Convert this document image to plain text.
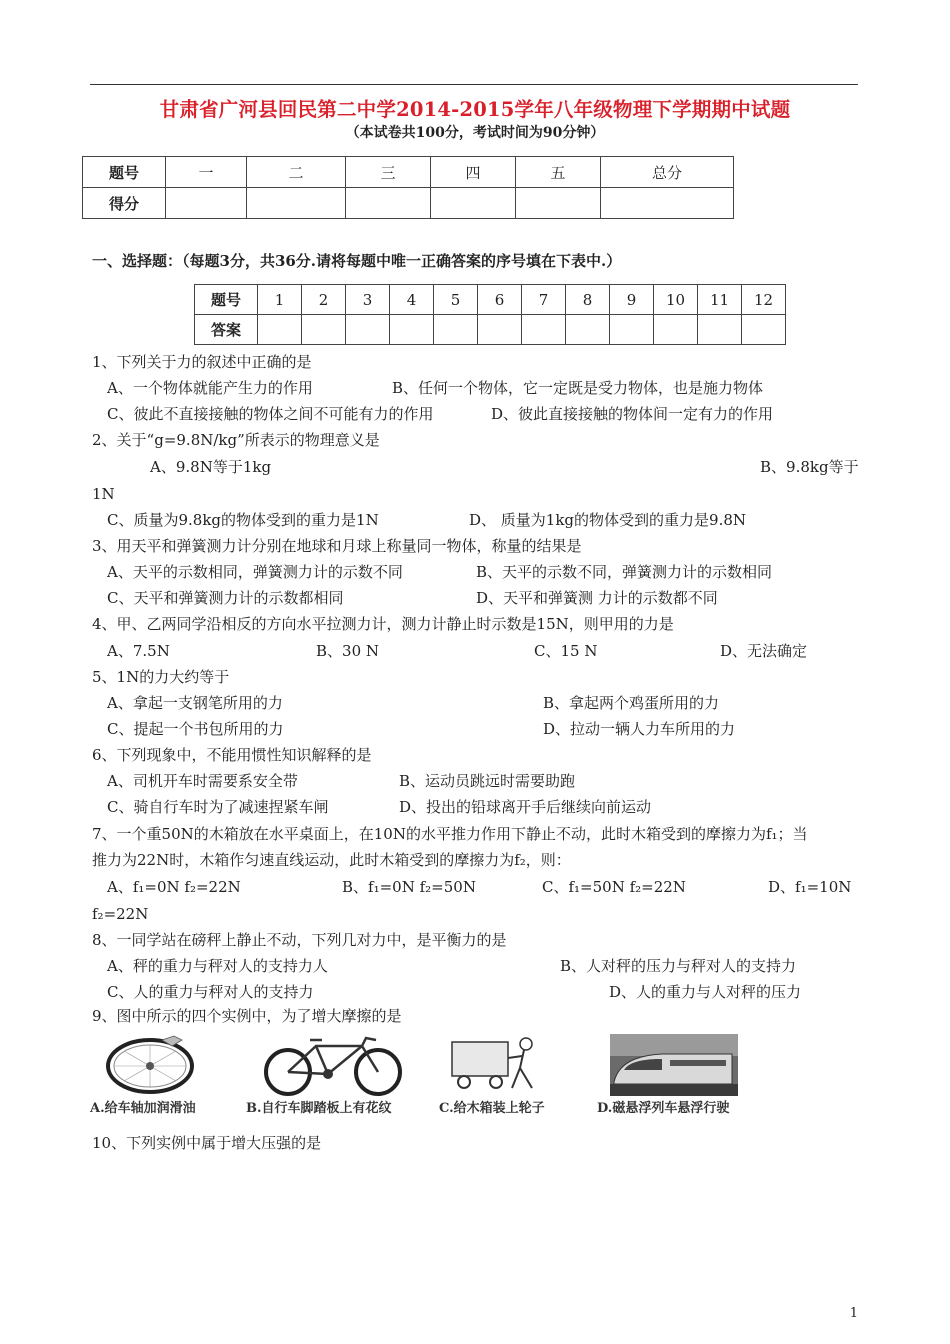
甘肃省广河县回民第二中学2014-2015学年八年级物理下学期期中试题
（本试卷共100分，考试时间为90分钟）
题号	一	二	三	四	五	总分
得分						
一、选择题：（每题3分，共36分.请将每题中唯一正确答案的序号填在下表中.）
题号	1	2	3	4	5	6	7	8	9	10	11	12
答案												
1、下列关于力的叙述中正确的是
A、一个物体就能产生力的作用	B、任何一个物体，它一定既是受力物体，也是施力物体
C、彼此不直接接触的物体之间不可能有力的作用	D、彼此直接接触的物体间一定有力的作用
2、关于“g=9.8N/kg”所表示的物理意义是
A、9.8N等于1kg	B、9.8kg等于
1N
C、质量为9.8kg的物体受到的重力是1N	D、 质量为1kg的物体受到的重力是9.8N
3、用天平和弹簧测力计分别在地球和月球上称量同一物体，称量的结果是
A、天平的示数相同，弹簧测力计的示数不同	B、天平的示数不同，弹簧测力计的示数相同
C、天平和弹簧测力计的示数都相同	D、天平和弹簧测 力计的示数都不同
4、甲、乙两同学沿相反的方向水平拉测力计，测力计静止时示数是15N，则甲用的力是
A、7.5N	B、30 N	C、15 N	D、无法确定
5、1N的力大约等于
A、拿起一支钢笔所用的力	B、拿起两个鸡蛋所用的力
C、提起一个书包所用的力	D、拉动一辆人力车所用的力
6、下列现象中，不能用惯性知识解释的是
A、司机开车时需要系安全带	B、运动员跳远时需要助跑
C、骑自行车时为了减速捏紧车闸	D、投出的铅球离开手后继续向前运动
7、一个重50N的木箱放在水平桌面上，在10N的水平推力作用下静止不动，此时木箱受到的摩擦力为f₁；当
推力为22N时，木箱作匀速直线运动，此时木箱受到的摩擦力为f₂，则：
A、f₁=0N f₂=22N	B、f₁=0N f₂=50N	C、f₁=50N f₂=22N	D、f₁=10N
f₂=22N
8、一同学站在磅秤上静止不动，下列几对力中，是平衡力的是
A、秤的重力与秤对人的支持力人	B、人对秤的压力与秤对人的支持力
C、人的重力与秤对人的支持力	D、人的重力与人对秤的压力
9、图中所示的四个实例中，为了增大摩擦的是
A.给车轴加润滑油	B.自行车脚踏板上有花纹	C.给木箱装上轮子	D.磁悬浮列车悬浮行驶
10、下列实例中属于增大压强的是
1
